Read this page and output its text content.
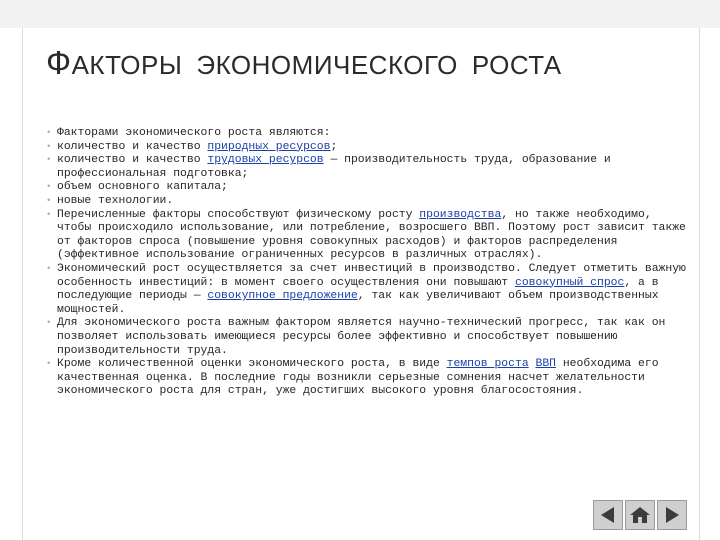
ФАКТОРЫ ЭКОНОМИЧЕСКОГО РОСТА
• Факторами экономического роста являются:
• количество и качество природных ресурсов;
• количество и качество трудовых ресурсов — производительность труда, образование и профессиональная подготовка;
• объем основного капитала;
• новые технологии.
• Перечисленные факторы способствуют физическому росту производства, но также необходимо, чтобы происходило использование, или потребление, возросшего ВВП. Поэтому рост зависит также от факторов спроса (повышение уровня совокупных расходов) и факторов распределения (эффективное использование ограниченных ресурсов в различных отраслях).
• Экономический рост осуществляется за счет инвестиций в производство. Следует отметить важную особенность инвестиций: в момент своего осуществления они повышают совокупный спрос, а в последующие периоды — совокупное предложение, так как увеличивают объем производственных мощностей.
• Для экономического роста важным фактором является научно-технический прогресс, так как он позволяет использовать имеющиеся ресурсы более эффективно и способствует повышению производительности труда.
• Кроме количественной оценки экономического роста, в виде темпов роста ВВП необходима его качественная оценка. В последние годы возникли серьезные сомнения насчет желательности экономического роста для стран, уже достигших высокого уровня благосостояния.
